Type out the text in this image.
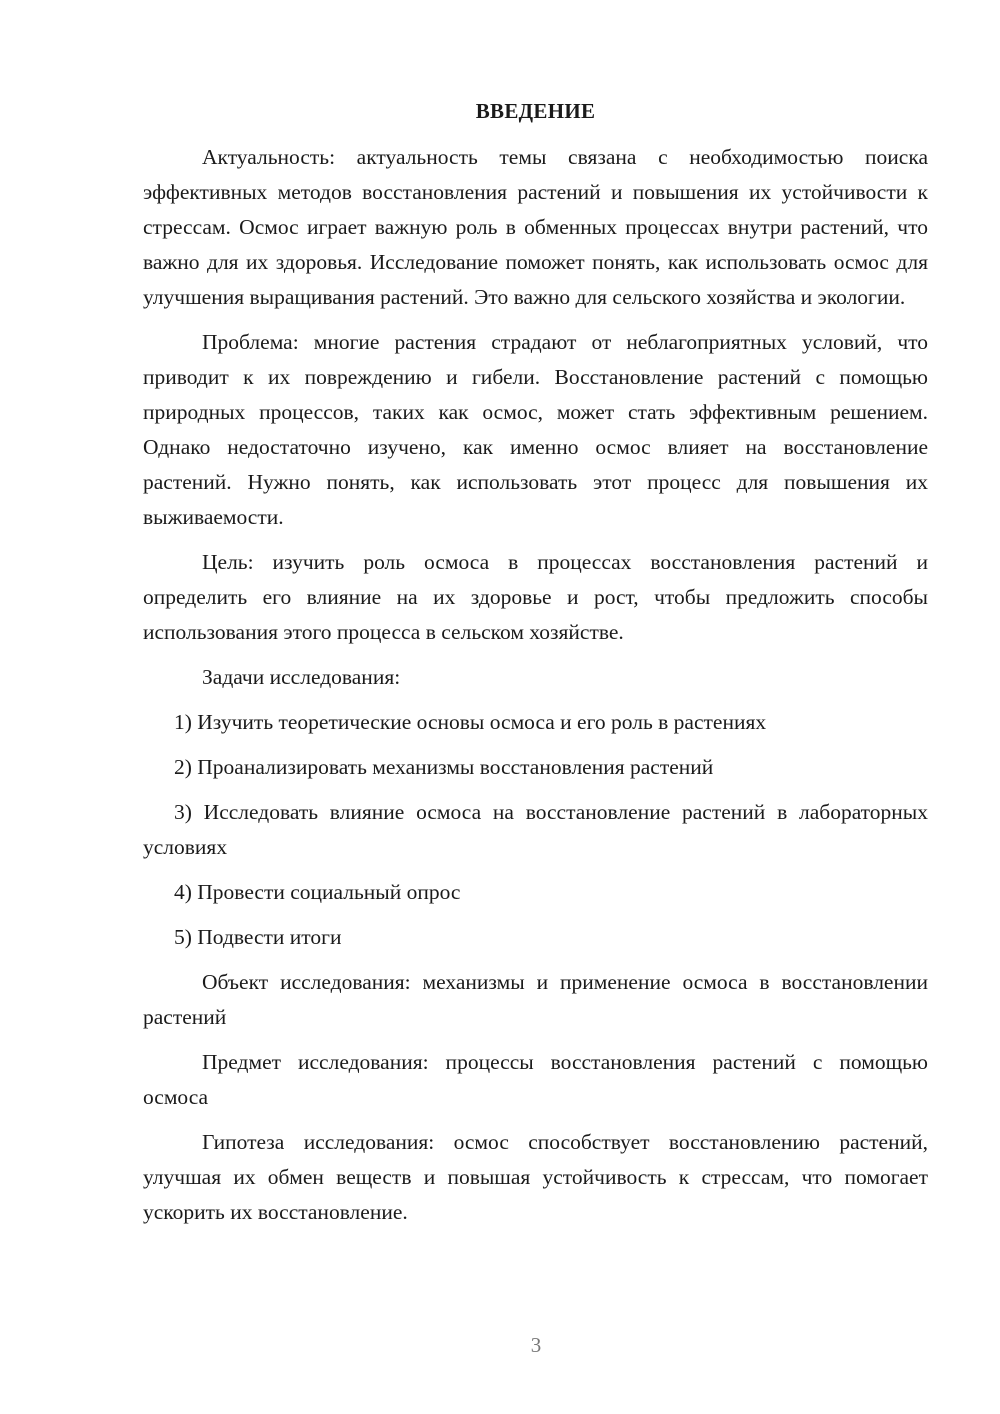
ВВЕДЕНИЕ

Актуальность: актуальность темы связана с необходимостью поиска эффективных методов восстановления растений и повышения их устойчивости к стрессам. Осмос играет важную роль в обменных процессах внутри растений, что важно для их здоровья. Исследование поможет понять, как использовать осмос для улучшения выращивания растений. Это важно для сельского хозяйства и экологии.

Проблема: многие растения страдают от неблагоприятных условий, что приводит к их повреждению и гибели. Восстановление растений с помощью природных процессов, таких как осмос, может стать эффективным решением. Однако недостаточно изучено, как именно осмос влияет на восстановление растений. Нужно понять, как использовать этот процесс для повышения их выживаемости.

Цель: изучить роль осмоса в процессах восстановления растений и определить его влияние на их здоровье и рост, чтобы предложить способы использования этого процесса в сельском хозяйстве.

Задачи исследования:

1) Изучить теоретические основы осмоса и его роль в растениях

2) Проанализировать механизмы восстановления растений

3) Исследовать влияние осмоса на восстановление растений в лабораторных условиях

4) Провести социальный опрос

5) Подвести итоги

Объект исследования: механизмы и применение осмоса в восстановлении растений

Предмет исследования: процессы восстановления растений с помощью осмоса

Гипотеза исследования: осмос способствует восстановлению растений, улучшая их обмен веществ и повышая устойчивость к стрессам, что помогает ускорить их восстановление.

3
